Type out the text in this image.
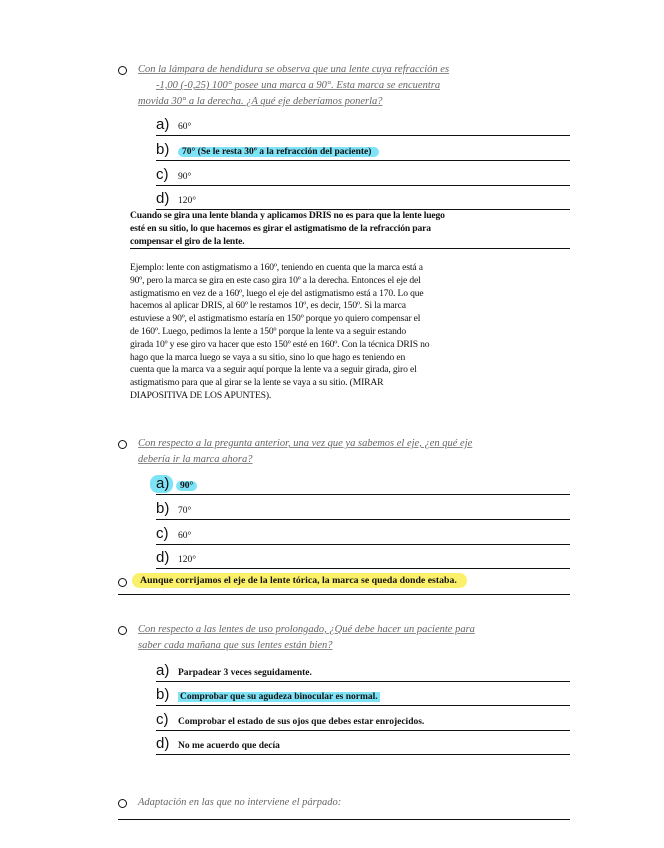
Con la lámpara de hendidura se observa que una lente cuya refracción es
-1,00 (-0,25) 100° posee una marca a 90°. Esta marca se encuentra
movida 30° a la derecha. ¿A qué eje deberíamos ponerla?
a) 60°
b)	70° (Se le resta 30º a la refracción del paciente)
c) 90°
d) 120°
Cuando se gira una lente blanda y aplicamos DRIS no es para que la lente luego
esté en su sitio, lo que hacemos es girar el astigmatismo de la refracción para
compensar el giro de la lente.
Ejemplo: lente con astigmatismo a 160º, teniendo en cuenta que la marca está a
90º, pero la marca se gira en este caso gira 10º a la derecha. Entonces el eje del
astigmatismo en vez de a 160º, luego el eje del astigmatismo está a 170. Lo que
hacemos al aplicar DRIS, al 60º le restamos 10º, es decir, 150º. Si la marca
estuviese a 90º, el astigmatismo estaría en 150º porque yo quiero compensar el
de 160º. Luego, pedimos la lente a 150º porque la lente va a seguir estando
girada 10º y ese giro va hacer que esto 150º esté en 160º. Con la técnica DRIS no
hago que la marca luego se vaya a su sitio, sino lo que hago es teniendo en
cuenta que la marca va a seguir aquí porque la lente va a seguir girada, giro el
astigmatismo para que al girar se la lente se vaya a su sitio. (MIRAR
DIAPOSITIVA DE LOS APUNTES).
Con respecto a la pregunta anterior, una vez que ya sabemos el eje, ¿en qué eje
debería ir la marca ahora?
a)	90°
b) 70°
c) 60°
d) 120°
Aunque corrijamos el eje de la lente tórica, la marca se queda donde estaba.
Con respecto a las lentes de uso prolongado, ¿Qué debe hacer un paciente para
saber cada mañana que sus lentes están bien?
a) Parpadear 3 veces seguidamente.
b) Comprobar que su agudeza binocular es normal.
c) Comprobar el estado de sus ojos que debes estar enrojecidos.
d) No me acuerdo que decía
Adaptación en las que no interviene el párpado:
